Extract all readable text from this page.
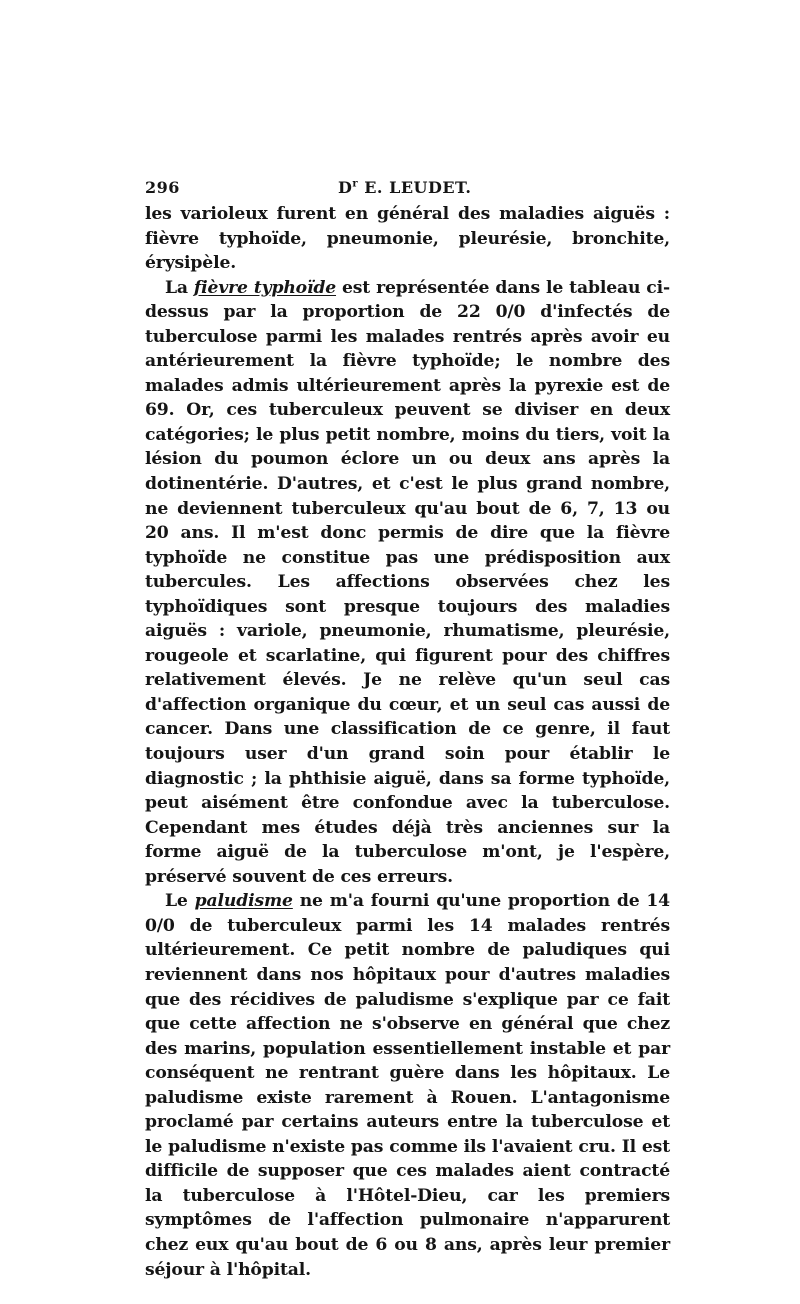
296	$D^r$ E. LEUDET.

les varioleux furent en général des maladies aiguës : fièvre typhoïde, pneumonie, pleurésie, bronchite, érysipèle.

La fièvre typhoïde est représentée dans le tableau ci-dessus par la proportion de 22 0/0 d'infectés de tuberculose parmi les malades rentrés après avoir eu antérieurement la fièvre typhoïde; le nombre des malades admis ultérieurement après la pyrexie est de 69. Or, ces tuberculeux peuvent se diviser en deux catégories; le plus petit nombre, moins du tiers, voit la lésion du poumon éclore un ou deux ans après la dotinentérie. D'autres, et c'est le plus grand nombre, ne deviennent tuberculeux qu'au bout de 6, 7, 13 ou 20 ans. Il m'est donc permis de dire que la fièvre typhoïde ne constitue pas une prédisposition aux tubercules. Les affections observées chez les typhoïdiques sont presque toujours des maladies aiguës : variole, pneumonie, rhumatisme, pleurésie, rougeole et scarlatine, qui figurent pour des chiffres relativement élevés. Je ne relève qu'un seul cas d'affection organique du cœur, et un seul cas aussi de cancer. Dans une classification de ce genre, il faut toujours user d'un grand soin pour établir le diagnostic ; la phthisie aiguë, dans sa forme typhoïde, peut aisément être confondue avec la tuberculose. Cependant mes études déjà très anciennes sur la forme aiguë de la tuberculose m'ont, je l'espère, préservé souvent de ces erreurs.

Le paludisme ne m'a fourni qu'une proportion de 14 0/0 de tuberculeux parmi les 14 malades rentrés ultérieurement. Ce petit nombre de paludiques qui reviennent dans nos hôpitaux pour d'autres maladies que des récidives de paludisme s'explique par ce fait que cette affection ne s'observe en général que chez des marins, population essentiellement instable et par conséquent ne rentrant guère dans les hôpitaux. Le paludisme existe rarement à Rouen. L'antagonisme proclamé par certains auteurs entre la tuberculose et le paludisme n'existe pas comme ils l'avaient cru. Il est difficile de supposer que ces malades aient contracté la tuberculose à l'Hôtel-Dieu, car les premiers symptômes de l'affection pulmonaire n'apparurent chez eux qu'au bout de 6 ou 8 ans, après leur premier séjour à l'hôpital.
